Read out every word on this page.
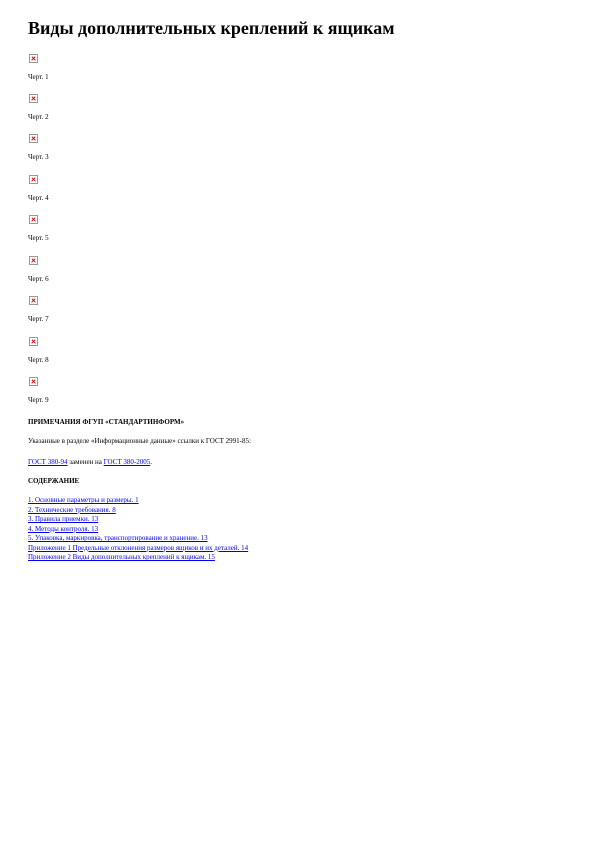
Виды дополнительных креплений к ящикам
Черт. 1
Черт. 2
Черт. 3
Черт. 4
Черт. 5
Черт. 6
Черт. 7
Черт. 8
Черт. 9
ПРИМЕЧАНИЯ ФГУП «СТАНДАРТИНФОРМ»
Указанные в разделе «Информационные данные» ссылки к ГОСТ 2991-85:
ГОСТ 380-94 заменен на ГОСТ 380-2005.
СОДЕРЖАНИЕ
1. Основные параметры и размеры. 1
2. Технические требования. 8
3. Правила приемки. 13
4. Методы контроля. 13
5. Упаковка, маркировка, транспортирование и хранение. 13
Приложение 1 Предельные отклонения размеров ящиков и их деталей. 14
Приложение 2 Виды дополнительных креплений к ящикам. 15
